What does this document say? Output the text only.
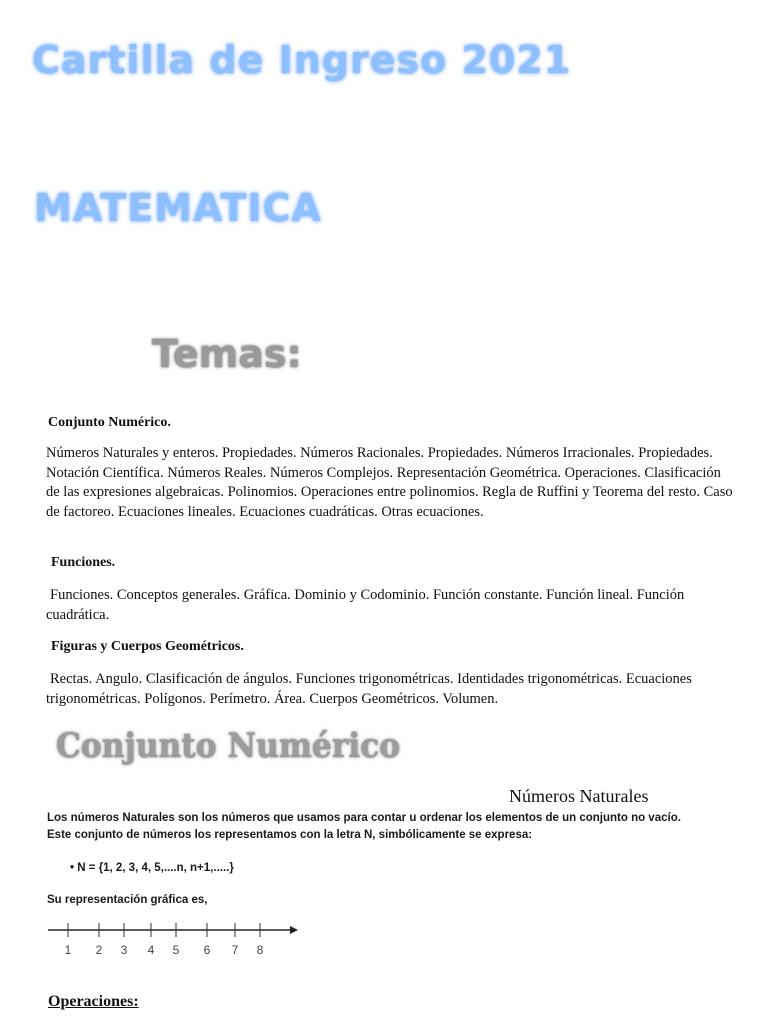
Cartilla de Ingreso 2021
MATEMATICA
Temas:
Conjunto Numérico.
Números Naturales y enteros. Propiedades. Números Racionales. Propiedades. Números Irracionales. Propiedades. Notación Científica. Números Reales. Números Complejos. Representación Geométrica. Operaciones. Clasificación de las expresiones algebraicas. Polinomios. Operaciones entre polinomios. Regla de Ruffini y Teorema del resto. Caso de factoreo. Ecuaciones lineales. Ecuaciones cuadráticas. Otras ecuaciones.
Funciones.
Funciones. Conceptos generales. Gráfica. Dominio y Codominio. Función constante. Función lineal. Función cuadrática.
Figuras y Cuerpos Geométricos.
Rectas. Angulo. Clasificación de ángulos. Funciones trigonométricas. Identidades trigonométricas. Ecuaciones trigonométricas. Polígonos. Perímetro. Área. Cuerpos Geométricos. Volumen.
Conjunto Numérico
Números Naturales
Los números Naturales son los números que usamos para contar u ordenar los elementos de un conjunto no vacío.
Este conjunto de números los representamos con la letra N, simbólicamente se expresa:
• N = {1, 2, 3, 4, 5,....n, n+1,.....}
Su representación gráfica es,
1 2 3 4 5 6 7 8
Operaciones:
